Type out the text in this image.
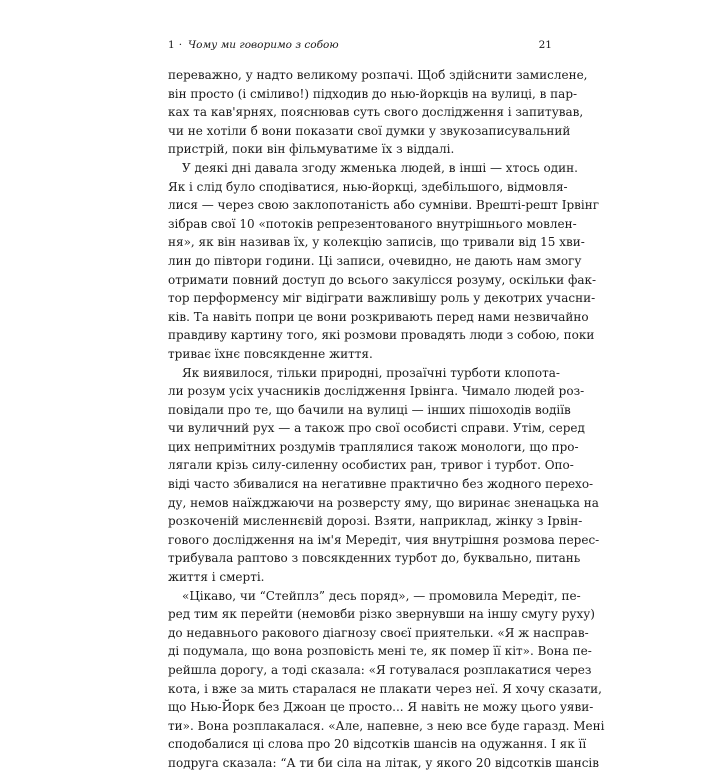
1 · Чому ми говоримо з собою	21
переважно, у надто великому розпачі. Щоб здійснити замислене,
він просто (і сміливо!) підходив до нью-йоркців на вулиці, в пар-
ках та кав'ярнях, пояснював суть свого дослідження і запитував,
чи не хотіли б вони показати свої думки у звукозаписувальний
пристрій, поки він фільмуватиме їх з віддалі.
У деякі дні давала згоду жменька людей, в інші — хтось один.
Як і слід було сподіватися, нью-йоркці, здебільшого, відмовля-
лися — через свою заклопотаність або сумніви. Врешті-решт Ірвінг
зібрав свої 10 «потоків репрезентованого внутрішнього мовлен-
ня», як він називав їх, у колекцію записів, що тривали від 15 хви-
лин до півтори години. Ці записи, очевидно, не дають нам змогу
отримати повний доступ до всього закулісся розуму, оскільки фак-
тор перформенсу міг відіграти важливішу роль у декотрих учасни-
ків. Та навіть попри це вони розкривають перед нами незвичайно
правдиву картину того, які розмови провадять люди з собою, поки
триває їхнє повсякденне життя.
Як виявилося, тільки природні, прозаїчні турботи клопота-
ли розум усіх учасників дослідження Ірвінга. Чимало людей роз-
повідали про те, що бачили на вулиці — інших пішоходів водіїв
чи вуличний рух — а також про свої особисті справи. Утім, серед
цих непримітних роздумів траплялися також монологи, що про-
лягали крізь силу-силенну особистих ран, тривог і турбот. Опо-
віді часто збивалися на негативне практично без жодного перехо-
ду, немов наїжджаючи на розверсту яму, що виринає зненацька на
розкоченій мисленнєвій дорозі. Взяти, наприклад, жінку з Ірвін-
гового дослідження на ім'я Мередіт, чия внутрішня розмова перес-
трибувала раптово з повсякденних турбот до, буквально, питань
життя і смерті.
«Цікаво, чи “Стейплз” десь поряд», — промовила Мередіт, пе-
ред тим як перейти (немовби різко звернувши на іншу смугу руху)
до недавнього ракового діагнозу своєї приятельки. «Я ж насправ-
ді подумала, що вона розповість мені те, як помер її кіт». Вона пе-
рейшла дорогу, а тоді сказала: «Я готувалася розплакатися через
кота, і вже за мить старалася не плакати через неї. Я хочу сказати,
що Нью-Йорк без Джоан це просто... Я навіть не можу цього уяви-
ти». Вона розплакалася. «Але, напевне, з нею все буде гаразд. Мені
сподобалися ці слова про 20 відсотків шансів на одужання. І як її
подруга сказала: “А ти би сіла на літак, у якого 20 відсотків шансів
